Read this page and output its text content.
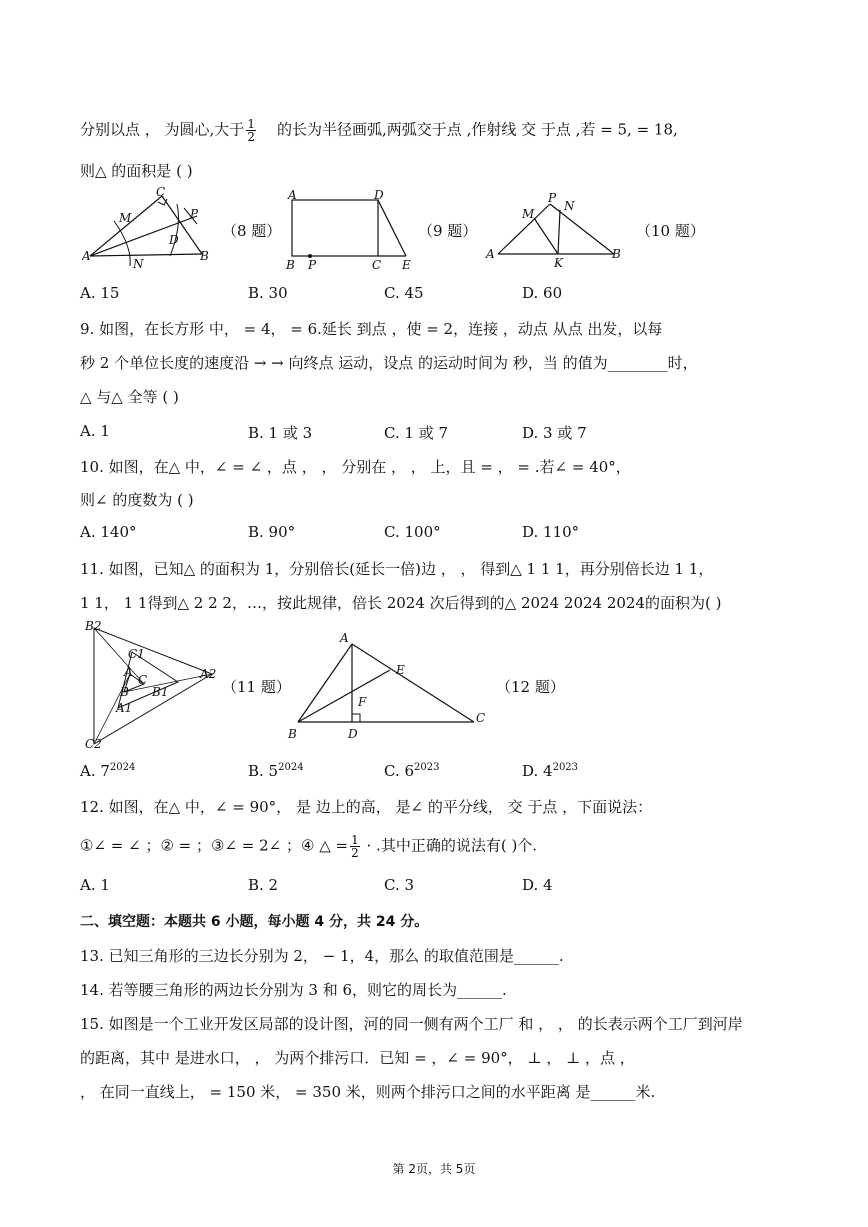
分别以点 ， 为圆心,大于 $\frac{1}{2}$ 的长为半径画弧,两弧交于点 ,作射线 交 于点 ,若 = 5, = 18,
则△ 的面积是 ( )
C
M	P
D
A
N
B
（8 题）
A	D
B P	C E
（9 题）
P
M
N
A
K
B
（10 题）
A. 15	B. 30	C. 45	D. 60
9. 如图，在长方形 中， = 4， = 6.延长 到点 ，使 = 2，连接 ，动点 从点 出发，以每
秒 2 个单位长度的速度沿 → → 向终点 运动，设点 的运动时间为 秒，当 的值为________时，
△ 与△ 全等 ( )
A. 1	B. 1 或 3	C. 1 或 7	D. 3 或 7
10. 如图，在△ 中，∠ = ∠ ，点 ， ， 分别在 ， ， 上，且 = ， = .若∠ = 40°，
则∠ 的度数为 ( )
A. 140°	B. 90°	C. 100°	D. 110°
11. 如图，已知△ 的面积为 1，分别倍长(延长一倍)边 ， ， 得到△ 1 1 1，再分别倍长边 1 1，
1 1， 1 1得到△ 2 2 2，…，按此规律，倍长 2024 次后得到的△ 2024 2024 2024的面积为( )
B2
C1
A
C
B B1
A1
A2
C2
（11 题）
A
E
F
B	D
C
（12 题）
A. $7^{2024}$	B. $5^{2024}$	C. $6^{2023}$	D. $4^{2023}$
12. 如图，在△ 中，∠ = 90°， 是 边上的高， 是∠ 的平分线， 交 于点 ，下面说法：
①∠ = ∠ ；② = ；③∠ = 2∠ ；④ △ = $\frac{1}{2}$ · .其中正确的说法有( )个.
A. 1	B. 2	C. 3	D. 4
二、填空题：本题共 6 小题，每小题 4 分，共 24 分。
13. 已知三角形的三边长分别为 2， − 1，4，那么 的取值范围是______.
14. 若等腰三角形的两边长分别为 3 和 6，则它的周长为______.
15. 如图是一个工业开发区局部的设计图，河的同一侧有两个工厂 和 ， ， 的长表示两个工厂到河岸
的距离，其中 是进水口， ， 为两个排污口．已知 = ，∠ = 90°， ⊥ ， ⊥ ，点 ，
， 在同一直线上， = 150 米， = 350 米，则两个排污口之间的水平距离 是______米.
第 2页，共 5页
